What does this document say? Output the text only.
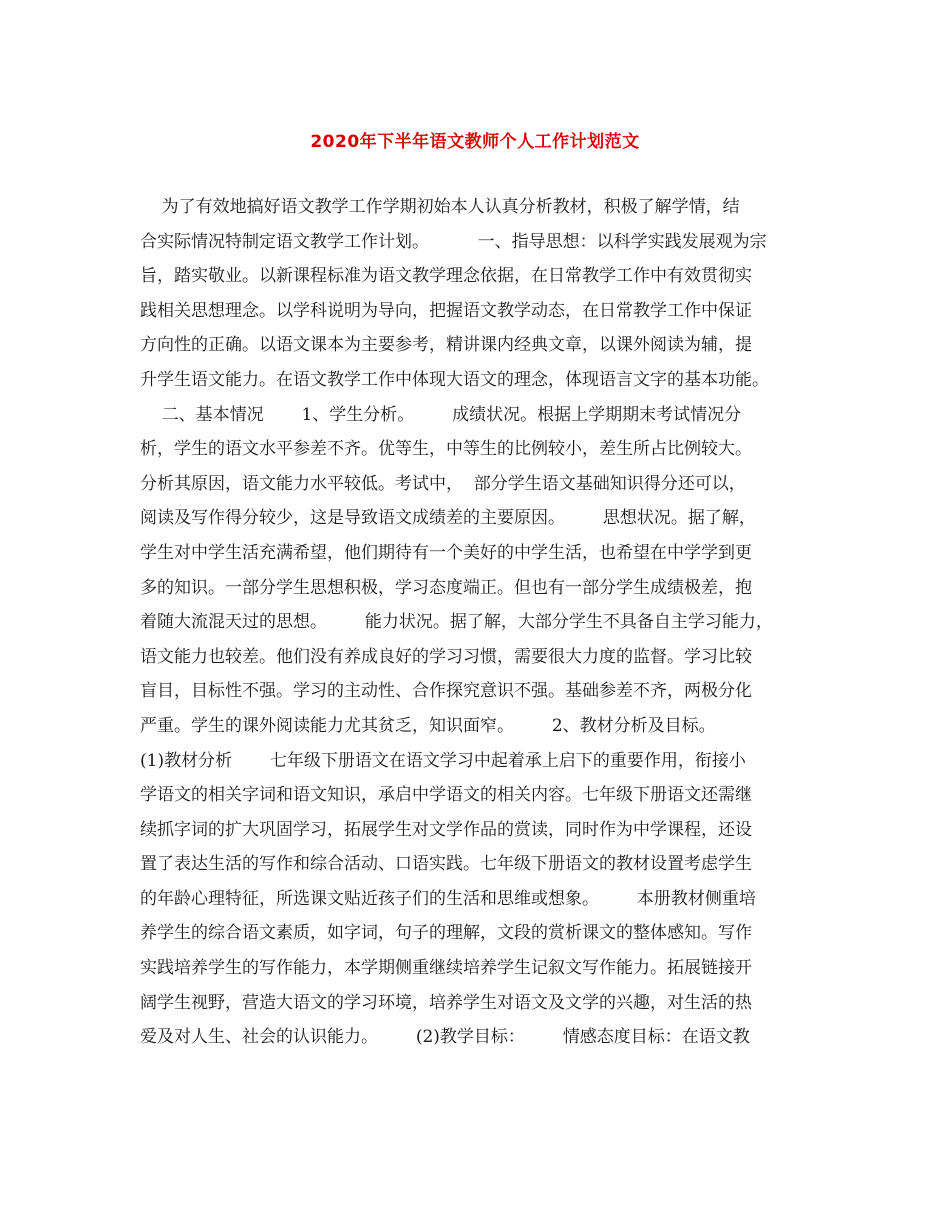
2020年下半年语文教师个人工作计划范文
为了有效地搞好语文教学工作学期初始本人认真分析教材，积极了解学情，结
合实际情况特制定语文教学工作计划。         一、指导思想：以科学实践发展观为宗
旨，踏实敬业。以新课程标准为语文教学理念依据，在日常教学工作中有效贯彻实
践相关思想理念。以学科说明为导向，把握语文教学动态，在日常教学工作中保证
方向性的正确。以语文课本为主要参考，精讲课内经典文章，以课外阅读为辅，提
升学生语文能力。在语文教学工作中体现大语文的理念，体现语言文字的基本功能。
二、基本情况       1、学生分析。       成绩状况。根据上学期期末考试情况分
析，学生的语文水平参差不齐。优等生，中等生的比例较小，差生所占比例较大。
分析其原因，语文能力水平较低。考试中，  部分学生语文基础知识得分还可以，
阅读及写作得分较少，这是导致语文成绩差的主要原因。       思想状况。据了解，
学生对中学生活充满希望，他们期待有一个美好的中学生活，也希望在中学学到更
多的知识。一部分学生思想积极，学习态度端正。但也有一部分学生成绩极差，抱
着随大流混天过的思想。       能力状况。据了解，大部分学生不具备自主学习能力，
语文能力也较差。他们没有养成良好的学习习惯，需要很大力度的监督。学习比较
盲目，目标性不强。学习的主动性、合作探究意识不强。基础参差不齐，两极分化
严重。学生的课外阅读能力尤其贫乏，知识面窄。       2、教材分析及目标。
(1)教材分析       七年级下册语文在语文学习中起着承上启下的重要作用，衔接小
学语文的相关字词和语文知识，承启中学语文的相关内容。七年级下册语文还需继
续抓字词的扩大巩固学习，拓展学生对文学作品的赏读，同时作为中学课程，还设
置了表达生活的写作和综合活动、口语实践。七年级下册语文的教材设置考虑学生
的年龄心理特征，所选课文贴近孩子们的生活和思维或想象。       本册教材侧重培
养学生的综合语文素质，如字词，句子的理解，文段的赏析课文的整体感知。写作
实践培养学生的写作能力，本学期侧重继续培养学生记叙文写作能力。拓展链接开
阔学生视野，营造大语文的学习环境，培养学生对语文及文学的兴趣，对生活的热
爱及对人生、社会的认识能力。       (2)教学目标：       情感态度目标：在语文教
